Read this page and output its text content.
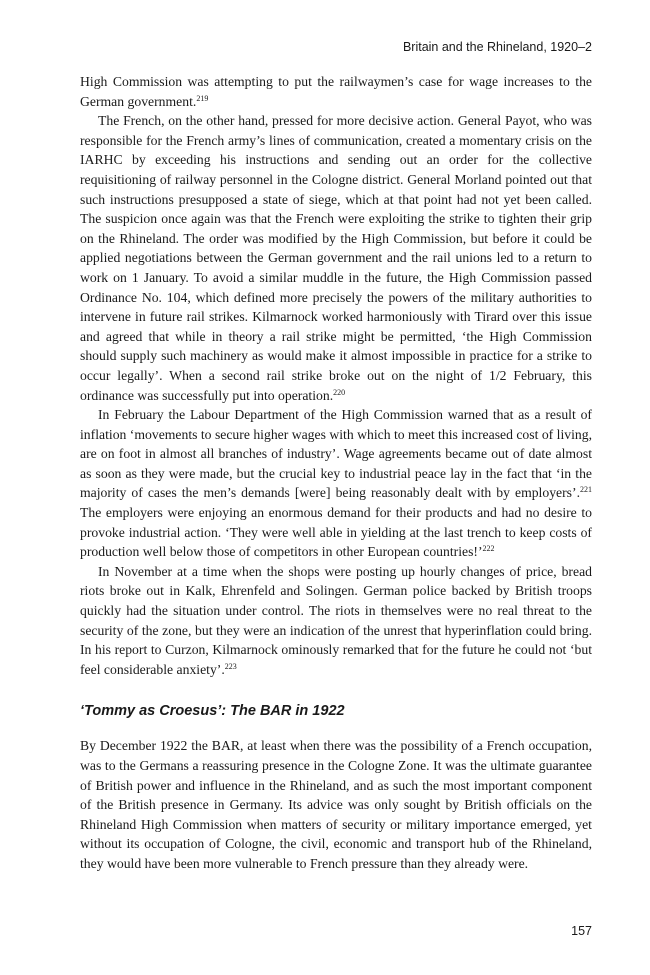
Britain and the Rhineland, 1920–2

High Commission was attempting to put the railwaymen’s case for wage increases to the German government.$^{219}$

The French, on the other hand, pressed for more decisive action. General Payot, who was responsible for the French army’s lines of communication, created a momentary crisis on the IARHC by exceeding his instructions and sending out an order for the collective requisitioning of railway personnel in the Cologne district. General Morland pointed out that such instructions presupposed a state of siege, which at that point had not yet been called. The suspicion once again was that the French were exploiting the strike to tighten their grip on the Rhineland. The order was modified by the High Commission, but before it could be applied negotiations between the German government and the rail unions led to a return to work on 1 January. To avoid a similar muddle in the future, the High Commission passed Ordinance No. 104, which defined more precisely the powers of the military authorities to intervene in future rail strikes. Kilmarnock worked harmoniously with Tirard over this issue and agreed that while in theory a rail strike might be permitted, ‘the High Commission should supply such machinery as would make it almost impossible in practice for a strike to occur legally’. When a second rail strike broke out on the night of 1/2 February, this ordinance was successfully put into operation.$^{220}$

In February the Labour Department of the High Commission warned that as a result of inflation ‘movements to secure higher wages with which to meet this increased cost of living, are on foot in almost all branches of industry’. Wage agreements became out of date almost as soon as they were made, but the crucial key to industrial peace lay in the fact that ‘in the majority of cases the men’s demands [were] being reasonably dealt with by employers’.$^{221}$ The employers were enjoying an enormous demand for their products and had no desire to provoke industrial action. ‘They were well able in yielding at the last trench to keep costs of production well below those of competitors in other European countries!’$^{222}$

In November at a time when the shops were posting up hourly changes of price, bread riots broke out in Kalk, Ehrenfeld and Solingen. German police backed by British troops quickly had the situation under control. The riots in themselves were no real threat to the security of the zone, but they were an indication of the unrest that hyperinflation could bring. In his report to Curzon, Kilmarnock ominously remarked that for the future he could not ‘but feel considerable anxiety’.$^{223}$

‘Tommy as Croesus’: The BAR in 1922

By December 1922 the BAR, at least when there was the possibility of a French occupation, was to the Germans a reassuring presence in the Cologne Zone. It was the ultimate guarantee of British power and influence in the Rhineland, and as such the most important component of the British presence in Germany. Its advice was only sought by British officials on the Rhineland High Commission when matters of security or military importance emerged, yet without its occupation of Cologne, the civil, economic and transport hub of the Rhineland, they would have been more vulnerable to French pressure than they already were.

157
